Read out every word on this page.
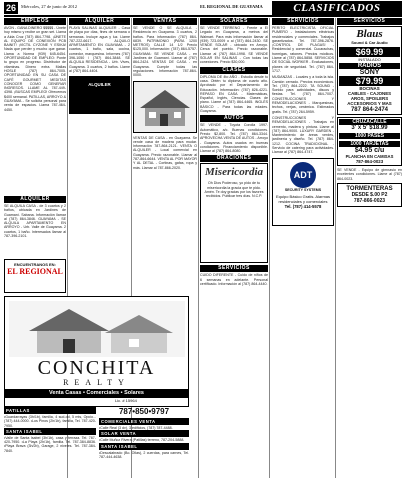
26	Miércoles, 27 de junio de 2012	EL REGIONAL DE GUAYAMA	CLASIFICADOS
EMPLEOS
AVON - GANA DINERO $$$$$ - Únete hoy mismo y recibe un gran set. Llama a Aida Cruz (787) 864-7798. ¡ÚNETE AL EQUIPO DE CONEXIÓN PCB BAINIT! ¡VICTIL CYZONE Y ESIKA! Nada que perder y mucho que ganar. Llama a Norma (939) 645-6454. OPORTUNIDAD DE EMPLEO: Ponte tu grupo en progreso. Distributor de vitaminas. Dinero extra. Mallas HOSLE (787) 864-7005. OPORTUNIDAD EN SU CASA DE CAFÉ GOURMET MEDITAS CONOCER COMO GENERAR INGRESOS. LLAME AL 787-449-4398. ¡BUSCAS EMPLEO! Ofrecemos $400 semanal. PATILLAS, ARROYO & GUAYAMA - Se solicita personal para venta de espacios. Llama 787-464-4450.
ALQUILER
SE ALQUILA CASA - de 3 cuartos y 2 baños, ubicada en Jardines de Guamaní. Sabana. Información llamar al (787) 864-3846. GUAYAMA - SE ALQUILA APARTAMENTO EN ARROYO - Urb. Valle de Guayama. 2 cuartos, 1 baño. Interesados llamar al 787-396-2101.
ENCUENTRANOS EN:
EL REGIONAL
ALQUILER
PLAYA SALINAS ALQUILER - Casa de playa por días, fines de semana o semanas. Incluye agua y luz. Llame 787-222-6617. ALQUILO APARTAMENTO EN GUAYAMA - 2 cuartos, 1 baño, sala, cocina, comedor, marquesina. Informes (787) 396-1050 / (787) 864-3848. SE ALQUILA RESIDENCIA - Urb. Vives, Guayama. 3 cuartos, 2 baños. Llame al (787) 864-4404.
ALQUILER
VENTAS
SE VENDE O SE ALQUILA - Residencia en Guayama. 3 cuartos, 2 baños. Para información (787) 864-6839. PATRIMONIO (PARA 1200 METROS) CALLE 14 1/2 Precio $125,000. Información: (787) 864-5757. GUAYAMA: SE VENDE CASA - en Jardines de Guamaní. Llamar al (787) 864-2424. VENTAS DE CASA - en Guayama. Cumple todas las regulaciones. Información 787-864-0000.
VENTAS DE CASA - en Guayama. Se vende casa de madera para mudar. Información 787-864-2121. VENTA O ALQUILER - Local comercial en Guayama. Precio razonable. Llamar al 787-864-6644. VENTA AL POR MAYOR Y AL DETAL - Cortinas, gafas, ropa y más. Llamar al 787-866-2020.
SOLARES
SE VENDE TERRENO - Frente a El Legado en Guayama, a metros del Walmart. Para más información llamar al (939) 723-0009 o al (787) 864-2430. SE VENDE SOLAR - ubicado en Arroyo. Cerca del pueblo. Precio razonable. Llamar al (787) 864-1998. SE VENDE SOLAR EN SALINAS - Con todas las conexiones. Precio $30,000.
CLASES
DIPLOMA DE 4to AÑO - Estudia desde tu casa. Obtén tu diploma de cuarto año. Aprobado por el Departamento de Educación. Información: (787) 826-4221. REPASO EN CASA - Matemáticas, Español, Inglés, Ciencias. Clases de piano. Llame al (787) 864-4465. INGLÉS BÁSICO - Para todas las edades. Guayama.
AUTOS
SE VENDE - Toyota Corolla 1997. Automático, a/c. Buenas condiciones. Precio $2,800. Tel. (787) 864-3344. APROVECHA VENTA DE AUTOS - Arroyo - Guayama. Autos usados en buenas condiciones. Financiamiento disponible. Llamar al (787) 864-8080.
ORACIONES
Misericordia
Oh Dios Poderoso, yo pido de tu misericordia la gracia que te pido. Amén. Te doy gracias por los favores recibidos. Publicar tres días. N.C.P.
SERVICIOS
CUIDO DIFERENTE - Cuido de niños de 6 semanas en adelante. Personal certificado. Información al (787) 864-4440.
SERVICIOS
PERITO ELECTRICISTA OFICIAL PUMERO - Instalaciones eléctricas residenciales y comerciales. Trabajos garantizados. Tel. 787-396-2876. ¡CONTROL DE PLAGAS! - Residencial y comercial. Cucarachas, hormigas, ratones. Precios módicos. Llame al (787) 864-5858. SERVICIOS DE SOCIAL WORKER - Evaluaciones, planes de seguridad. Tel. (787) 864-1717.
MUDANZAS - Locales y a toda la isla. Camión cerrado. Precios económicos. Tel. (787) 864-2222. TA SOUND - Sonido para actividades, discos y fiestas. Tel. (787) 864-7007. CONSTRUCCIONES Y REMODELACIONES - Marquesinas, techos, verjas, cerámica. Estimados gratis. Tel. (787) 264-5959.
CONSTRUCCIONES Y REMODELACIONES - Trabajos en cemento, madera y pintura. Llame al (787) 864-9000. LUXURY GARDEN - Mantenimiento de áreas verdes, jardinería y diseño. Tel. (787) 864-1212. COCINA TRADICIONAL - Servicio de catering para actividades. Llamar al (787) 864-4747.
ADT
SECURITY SYSTEMS
Equipo Básico Gratis. Alarmas residenciales y comerciales
Tel. (787) 414-5578
SERVICIOS
Blaus
Sound & Car Audio
$69.99
INSTALADO
RADIOS
SONY
$79.99
BOCINAS
CABLES - CAJONES
AROS, SPOILERS
ACCESORIOS Y MAS
787 864-2474
CRUZACALLE
3' x 5' $18.99
1000 PASES
1000 TARJETAS
$4.95 c/u
PLANCHA EN CAMISAS
787-864-0023
SE VENDE - Equipo de gimnasio en excelentes condiciones. Llame al (787) 864-0023.
TORMENTERAS
DESDE $.00 P2
787-866-0023
CONCHITA
REALTY
Venta Casas • Comerciales • Solares
Lic. # 15964
PATILLAS
•Guardarrayas (3h/1b), familia, 4 sud-dd, 5 mts, Opcio... (787) 444-0000. •Los Pinos (2h/1b), familia, Tel. 787-420-7950.
SANTA ISABEL
•Valle de Santa Isabel (3h/1b), casa y terraza. Tel. 787-420-7950. •La Playa (2h/1b), familia. Tel. 787-384-8836. •Playa Brava (3h/2b), Garage, 2 niveles. Tel. 787-384-7840.
787•850•9797
COMERCIALES VENTA
•Calle Real (3 dv), 3 edificios, (787) 787-4488.
SOLAR VENTA
•Calle Muñoz Rivera (Patillas) terreno, 787-204-5888.
SANTA ISABEL
•Descalabrado (Bo. Ollas), 2 cuerdas, para carnes, Tel. 787-444-4638.
